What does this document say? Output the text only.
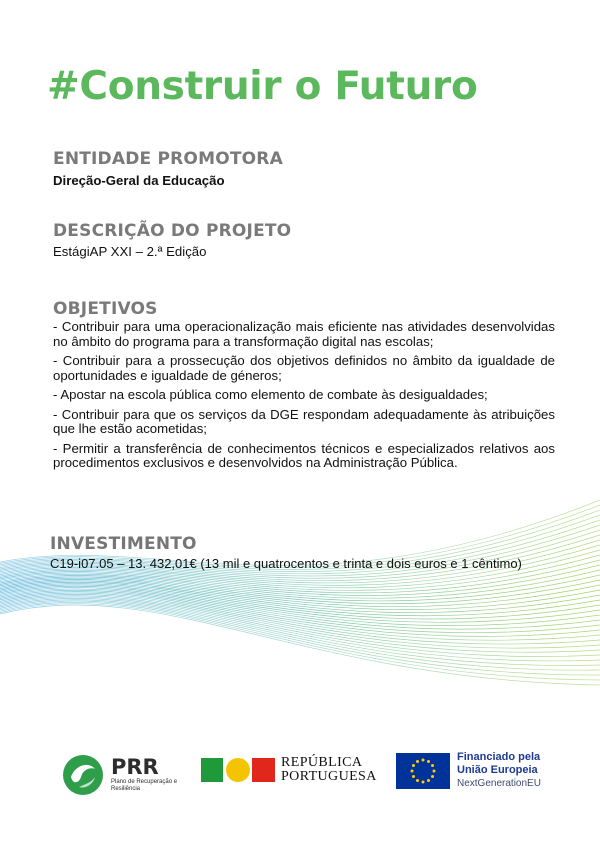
#Construir o Futuro
ENTIDADE PROMOTORA

Direção-Geral da Educação

DESCRIÇÃO DO PROJETO

EstágiAP XXI – 2.ª Edição

OBJETIVOS
- Contribuir para uma operacionalização mais eficiente nas atividades desenvolvidas no âmbito do programa para a transformação digital nas escolas;
- Contribuir para a prossecução dos objetivos definidos no âmbito da igualdade de oportunidades e igualdade de géneros;
- Apostar na escola pública como elemento de combate às desigualdades;
- Contribuir para que os serviços da DGE respondam adequadamente às atribuições que lhe estão acometidas;
- Permitir a transferência de conhecimentos técnicos e especializados relativos aos procedimentos exclusivos e desenvolvidos na Administração Pública.
INVESTIMENTO

C19-i07.05 – 13. 432,01€ (13 mil e quatrocentos e trinta e dois euros e 1 cêntimo)

PRR
Plano de Recuperação e Resiliência
REPÚBLICA
PORTUGUESA
Financiado pela
União Europeia
NextGenerationEU
